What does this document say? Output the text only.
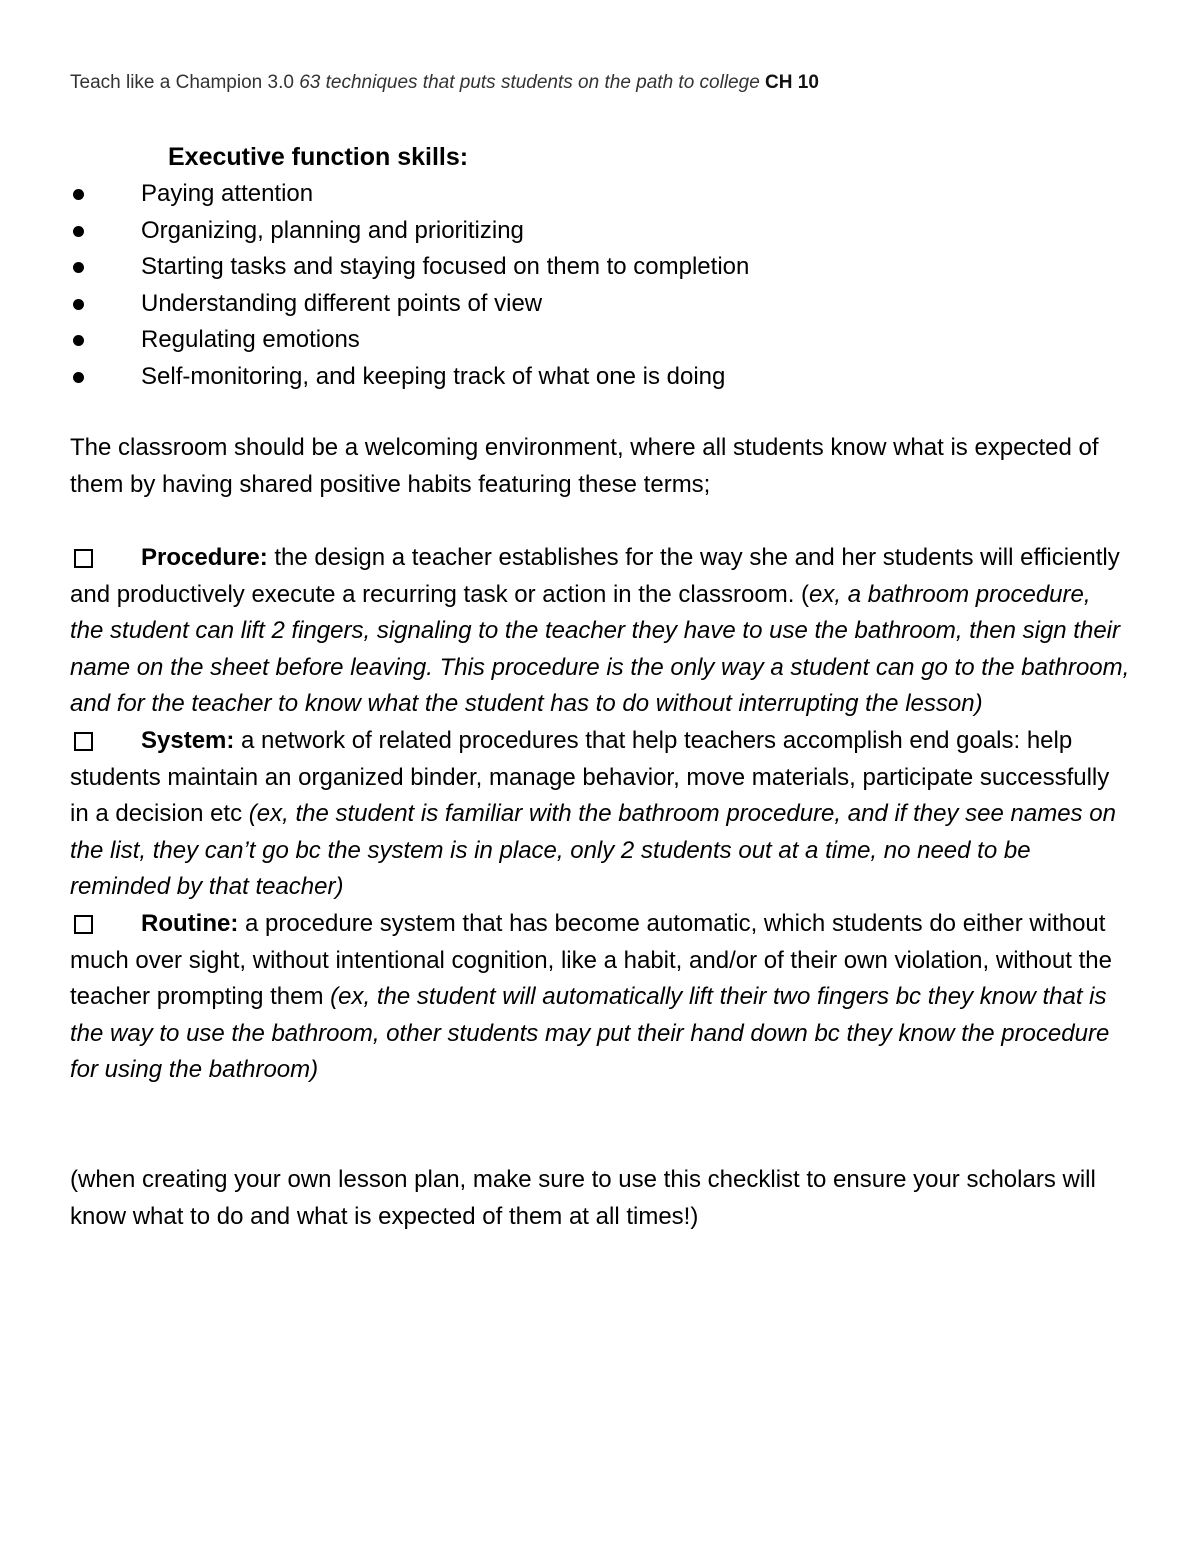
Teach like a Champion 3.0 63 techniques that puts students on the path to college CH 10
Executive function skills:
Paying attention
Organizing, planning and prioritizing
Starting tasks and staying focused on them to completion
Understanding different points of view
Regulating emotions
Self-monitoring, and keeping track of what one is doing

The classroom should be a welcoming environment, where all students know what is expected of them by having shared positive habits featuring these terms;

Procedure: the design a teacher establishes for the way she and her students will efficiently and productively execute a recurring task or action in the classroom. (ex, a bathroom procedure, the student can lift 2 fingers, signaling to the teacher they have to use the bathroom, then sign their name on the sheet before leaving. This procedure is the only way a student can go to the bathroom, and for the teacher to know what the student has to do without interrupting the lesson)

System: a network of related procedures that help teachers accomplish end goals: help students maintain an organized binder, manage behavior, move materials, participate successfully in a decision etc (ex, the student is familiar with the bathroom procedure, and if they see names on the list, they can’t go bc the system is in place, only 2 students out at a time, no need to be reminded by that teacher)

Routine: a procedure system that has become automatic, which students do either without much over sight, without intentional cognition, like a habit, and/or of their own violation, without the teacher prompting them (ex, the student will automatically lift their two fingers bc they know that is the way to use the bathroom, other students may put their hand down bc they know the procedure for using the bathroom)

(when creating your own lesson plan, make sure to use this checklist to ensure your scholars will know what to do and what is expected of them at all times!)
